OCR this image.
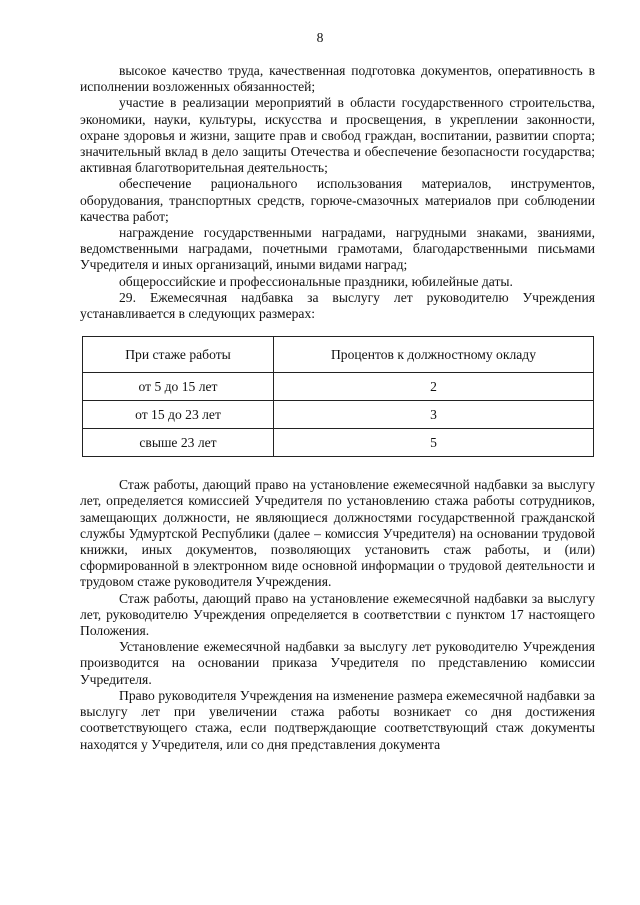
8

высокое качество труда, качественная подготовка документов, оперативность в исполнении возложенных обязанностей;

участие в реализации мероприятий в области государственного строительства, экономики, науки, культуры, искусства и просвещения, в укреплении законности, охране здоровья и жизни, защите прав и свобод граждан, воспитании, развитии спорта; значительный вклад в дело защиты Отечества и обеспечение безопасности государства; активная благотворительная деятельность;

обеспечение рационального использования материалов, инструментов, оборудования, транспортных средств, горюче-смазочных материалов при соблюдении качества работ;

награждение государственными наградами, нагрудными знаками, званиями, ведомственными наградами, почетными грамотами, благодарственными письмами Учредителя и иных организаций, иными видами наград;

общероссийские и профессиональные праздники, юбилейные даты.

29. Ежемесячная надбавка за выслугу лет руководителю Учреждения устанавливается в следующих размерах:

При стаже работы	Процентов к должностному окладу
от 5 до 15 лет	2
от 15 до 23 лет	3
свыше 23 лет	5

Стаж работы, дающий право на установление ежемесячной надбавки за выслугу лет, определяется комиссией Учредителя по установлению стажа работы сотрудников, замещающих должности, не являющиеся должностями государственной гражданской службы Удмуртской Республики (далее – комиссия Учредителя) на основании трудовой книжки, иных документов, позволяющих установить стаж работы, и (или) сформированной в электронном виде основной информации о трудовой деятельности и трудовом стаже руководителя Учреждения.

Стаж работы, дающий право на установление ежемесячной надбавки за выслугу лет, руководителю Учреждения определяется в соответствии с пунктом 17 настоящего Положения.

Установление ежемесячной надбавки за выслугу лет руководителю Учреждения производится на основании приказа Учредителя по представлению комиссии Учредителя.

Право руководителя Учреждения на изменение размера ежемесячной надбавки за выслугу лет при увеличении стажа работы возникает со дня достижения соответствующего стажа, если подтверждающие соответствующий стаж документы находятся у Учредителя, или со дня представления документа
